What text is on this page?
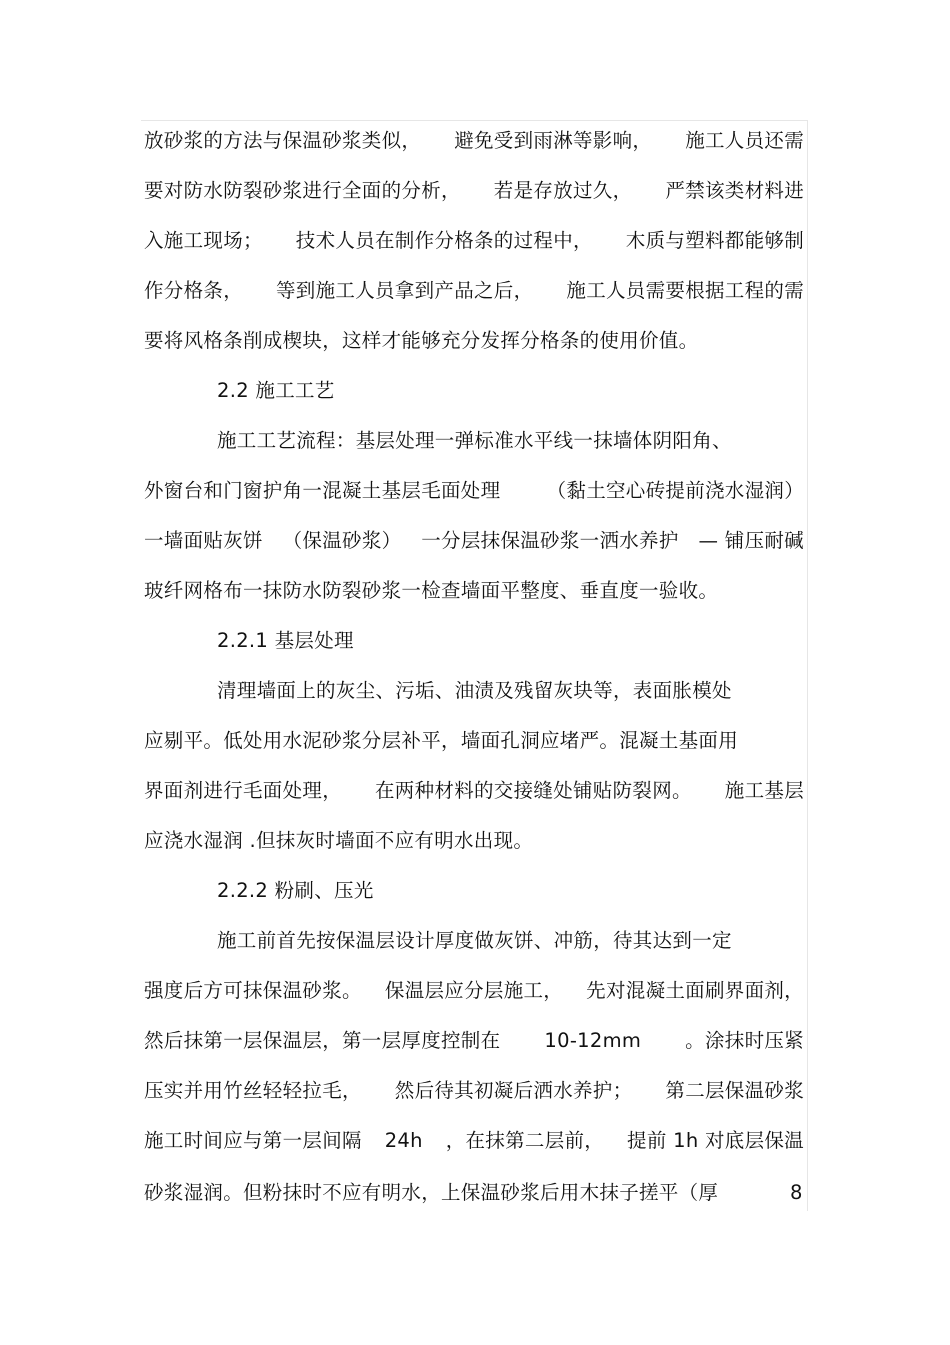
放砂浆的方法与保温砂浆类似， 避免受到雨淋等影响， 施工人员还需
要对防水防裂砂浆进行全面的分析， 若是存放过久， 严禁该类材料进
入施工现场； 技术人员在制作分格条的过程中， 木质与塑料都能够制
作分格条， 等到施工人员拿到产品之后， 施工人员需要根据工程的需
要将风格条削成楔块，这样才能够充分发挥分格条的使用价值。
2.2 施工工艺
施工工艺流程：基层处理一弹标准水平线一抹墙体阴阳角、
外窗台和门窗护角一混凝土基层毛面处理 （黏土空心砖提前浇水湿润）
一墙面贴灰饼 （保温砂浆） 一分层抹保温砂浆一洒水养护 — 铺压耐碱
玻纤网格布一抹防水防裂砂浆一检查墙面平整度、垂直度一验收。
2.2.1 基层处理
清理墙面上的灰尘、污垢、油渍及残留灰块等，表面胀模处
应剔平。低处用水泥砂浆分层补平，墙面孔洞应堵严。混凝土基面用
界面剂进行毛面处理， 在两种材料的交接缝处铺贴防裂网。 施工基层
应浇水湿润 .但抹灰时墙面不应有明水出现。
2.2.2 粉刷、压光
施工前首先按保温层设计厚度做灰饼、冲筋，待其达到一定
强度后方可抹保温砂浆。 保温层应分层施工， 先对混凝土面刷界面剂，
然后抹第一层保温层，第一层厚度控制在 10-12mm 。涂抹时压紧
压实并用竹丝轻轻拉毛， 然后待其初凝后洒水养护； 第二层保温砂浆
施工时间应与第一层间隔 24h ，在抹第二层前， 提前 1h 对底层保温
砂浆湿润。但粉抹时不应有明水，上保温砂浆后用木抹子搓平（厚	8
